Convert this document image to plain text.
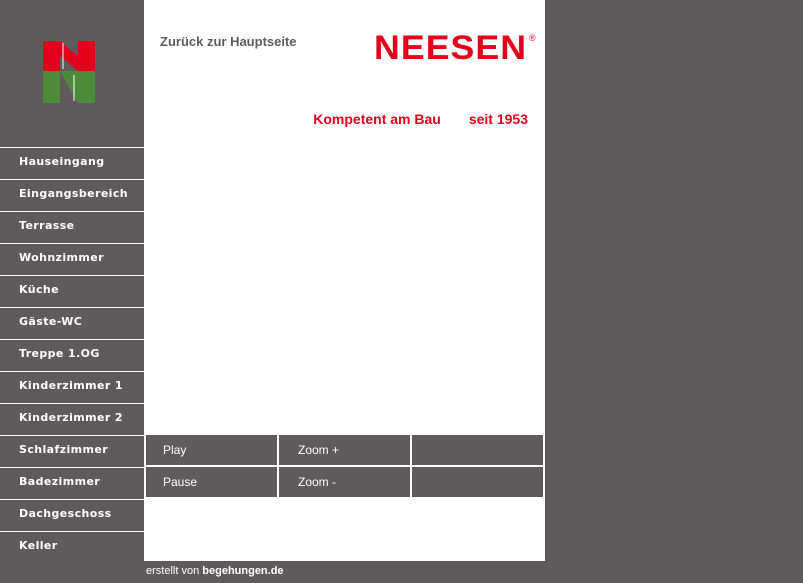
Hauseingang
Eingangsbereich
Terrasse
Wohnzimmer
Küche
Gäste-WC
Treppe 1.OG
Kinderzimmer 1
Kinderzimmer 2
Schlafzimmer
Badezimmer
Dachgeschoss
Keller
Zurück zur Hauptseite NEESEN ®
Kompetent am Bau seit 1953
Play	Zoom +
Pause	Zoom -
erstellt von begehungen.de
